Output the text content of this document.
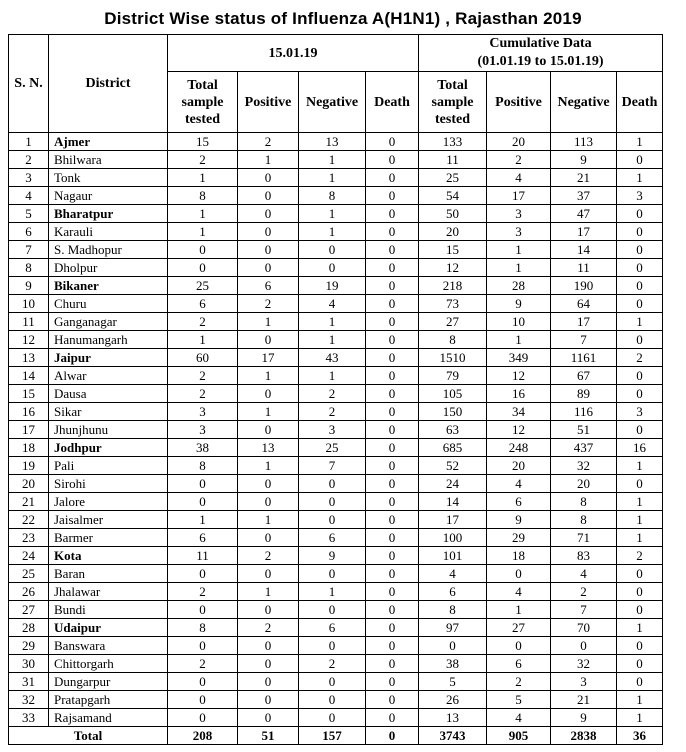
District Wise status of Influenza A(H1N1) , Rajasthan 2019
S. N.	District	15.01.19				Cumulative Data
(01.01.19 to 15.01.19)			
		Total sample tested	Positive	Negative	Death	Total sample tested	Positive	Negative	Death
1	Ajmer	15	2	13	0	133	20	113	1
2	Bhilwara	2	1	1	0	11	2	9	0
3	Tonk	1	0	1	0	25	4	21	1
4	Nagaur	8	0	8	0	54	17	37	3
5	Bharatpur	1	0	1	0	50	3	47	0
6	Karauli	1	0	1	0	20	3	17	0
7	S. Madhopur	0	0	0	0	15	1	14	0
8	Dholpur	0	0	0	0	12	1	11	0
9	Bikaner	25	6	19	0	218	28	190	0
10	Churu	6	2	4	0	73	9	64	0
11	Ganganagar	2	1	1	0	27	10	17	1
12	Hanumangarh	1	0	1	0	8	1	7	0
13	Jaipur	60	17	43	0	1510	349	1161	2
14	Alwar	2	1	1	0	79	12	67	0
15	Dausa	2	0	2	0	105	16	89	0
16	Sikar	3	1	2	0	150	34	116	3
17	Jhunjhunu	3	0	3	0	63	12	51	0
18	Jodhpur	38	13	25	0	685	248	437	16
19	Pali	8	1	7	0	52	20	32	1
20	Sirohi	0	0	0	0	24	4	20	0
21	Jalore	0	0	0	0	14	6	8	1
22	Jaisalmer	1	1	0	0	17	9	8	1
23	Barmer	6	0	6	0	100	29	71	1
24	Kota	11	2	9	0	101	18	83	2
25	Baran	0	0	0	0	4	0	4	0
26	Jhalawar	2	1	1	0	6	4	2	0
27	Bundi	0	0	0	0	8	1	7	0
28	Udaipur	8	2	6	0	97	27	70	1
29	Banswara	0	0	0	0	0	0	0	0
30	Chittorgarh	2	0	2	0	38	6	32	0
31	Dungarpur	0	0	0	0	5	2	3	0
32	Pratapgarh	0	0	0	0	26	5	21	1
33	Rajsamand	0	0	0	0	13	4	9	1
Total		208	51	157	0	3743	905	2838	36
